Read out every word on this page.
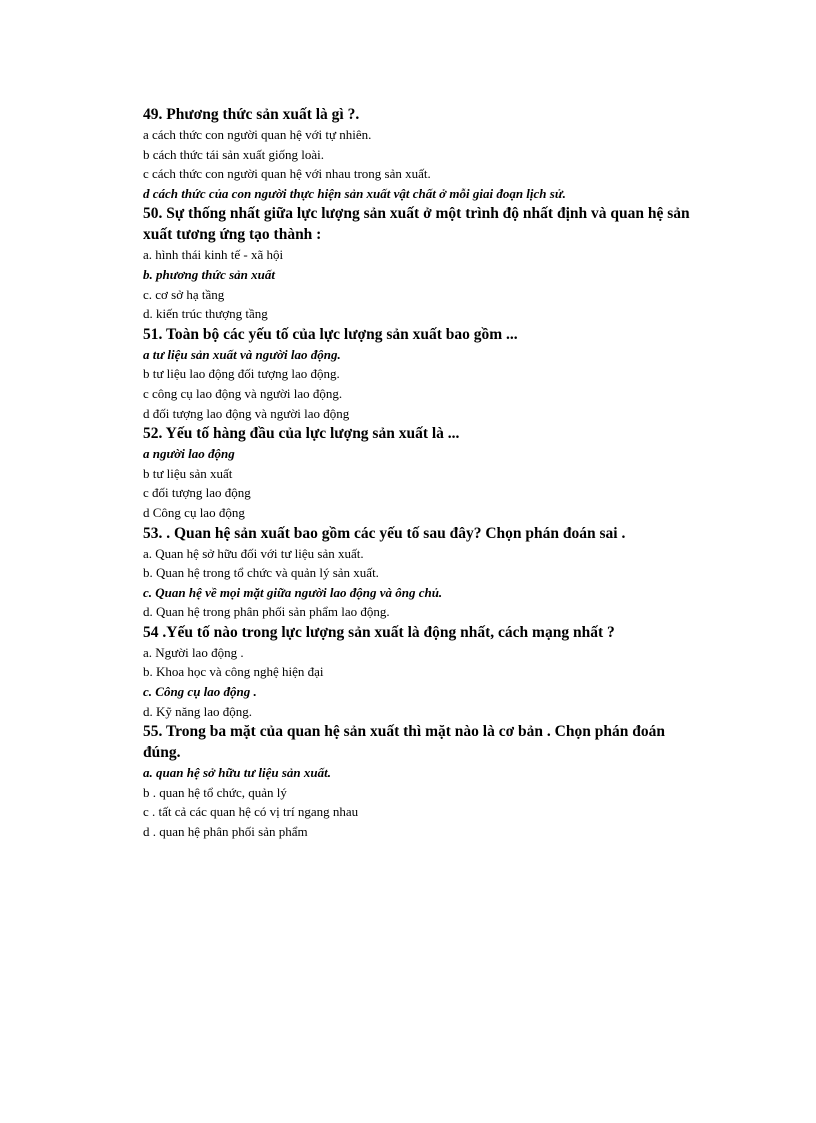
49. Phương thức sản xuất là gì ?.

a cách thức con người quan hệ với tự nhiên.

b cách thức tái sản xuất giống loài.

c cách thức con người quan hệ với nhau trong sản xuất.

d cách thức của con người thực hiện sản xuất vật chất ở mỗi giai đoạn lịch sử.

50. Sự thống nhất giữa lực lượng sản xuất ở một trình độ nhất định và quan hệ sản xuất tương ứng tạo thành :

a. hình thái kinh tế - xã hội

b. phương thức sản xuất

c. cơ sở hạ tầng

d. kiến trúc thượng tầng

51. Toàn bộ các yếu tố của lực lượng sản xuất bao gồm ...

a tư liệu sản xuất và người lao động.

b tư liệu lao động đối tượng lao động.

c công cụ lao động và người lao động.

d đối tượng lao động và người lao động

52. Yếu tố hàng đầu của lực lượng sản xuất là ...

a người lao động

b tư liệu sản xuất

c đối tượng lao động

d Công cụ lao động

53. . Quan hệ sản xuất bao gồm các yếu tố sau đây? Chọn phán đoán sai .

a. Quan hệ sở hữu đối với tư liệu sản xuất.

b. Quan hệ trong tổ chức và quản lý sản xuất.

c. Quan hệ về mọi mặt giữa người lao động và ông chủ.

d. Quan hệ trong phân phối sản phẩm lao động.

54 .Yếu tố nào trong lực lượng sản xuất là động nhất, cách mạng nhất ?

a. Người lao động .

b. Khoa học và công nghệ hiện đại

c. Công cụ lao động .

d. Kỹ năng lao động.

55. Trong ba mặt của quan hệ sản xuất thì mặt nào là cơ bản . Chọn phán đoán đúng.

a. quan hệ sở hữu tư liệu sản xuất.

b . quan hệ tổ chức, quản lý

c . tất cả các quan hệ có vị trí ngang nhau

d . quan hệ phân phối sản phẩm
